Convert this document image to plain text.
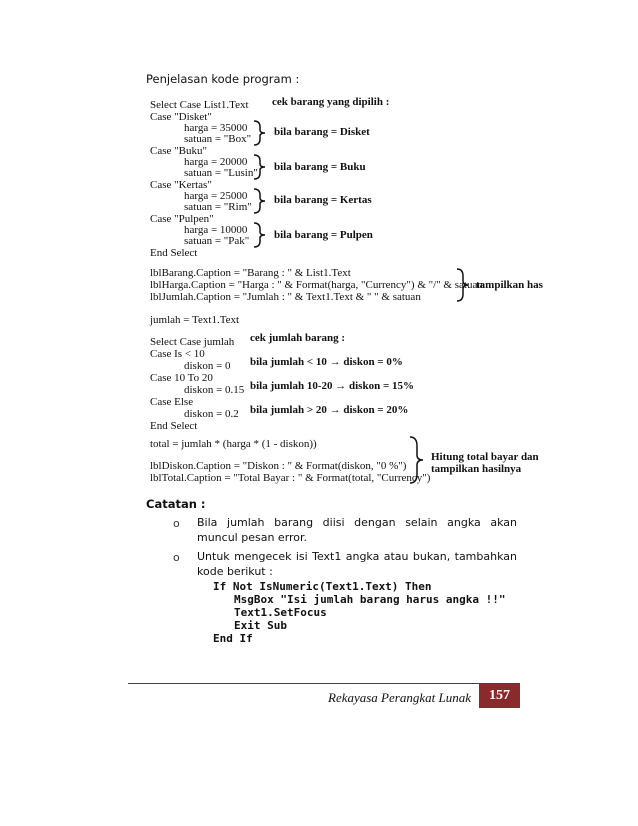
Penjelasan kode program :
Select Case List1.Text
Case "Disket"
harga = 35000
satuan = "Box"
Case "Buku"
harga = 20000
satuan = "Lusin"
Case "Kertas"
harga = 25000
satuan = "Rim"
Case "Pulpen"
harga = 10000
satuan = "Pak"
End Select
cek barang yang dipilih :
bila barang = Disket
bila barang = Buku
bila barang = Kertas
bila barang = Pulpen
lblBarang.Caption = "Barang : " & List1.Text
lblHarga.Caption = "Harga : " & Format(harga, "Currency") & "/" & satuan
lblJumlah.Caption = "Jumlah : " & Text1.Text & " " & satuan
tampilkan has
jumlah = Text1.Text
Select Case jumlah
Case Is < 10
diskon = 0
Case 10 To 20
diskon = 0.15
Case Else
diskon = 0.2
End Select
cek jumlah barang :
bila jumlah < 10 → diskon = 0%
bila jumlah 10-20 → diskon = 15%
bila jumlah > 20 → diskon = 20%
total = jumlah * (harga * (1 - diskon))
lblDiskon.Caption = "Diskon : " & Format(diskon, "0 %")
lblTotal.Caption = "Total Bayar : " & Format(total, "Currency")
Hitung total bayar dan
tampilkan hasilnya
Catatan :
o Bila jumlah barang diisi dengan selain angka akan muncul pesan error.
o Untuk mengecek isi Text1 angka atau bukan, tambahkan kode berikut :
If Not IsNumeric(Text1.Text) Then
MsgBox "Isi jumlah barang harus angka !!"
Text1.SetFocus
Exit Sub
End If
Rekayasa Perangkat Lunak	157
